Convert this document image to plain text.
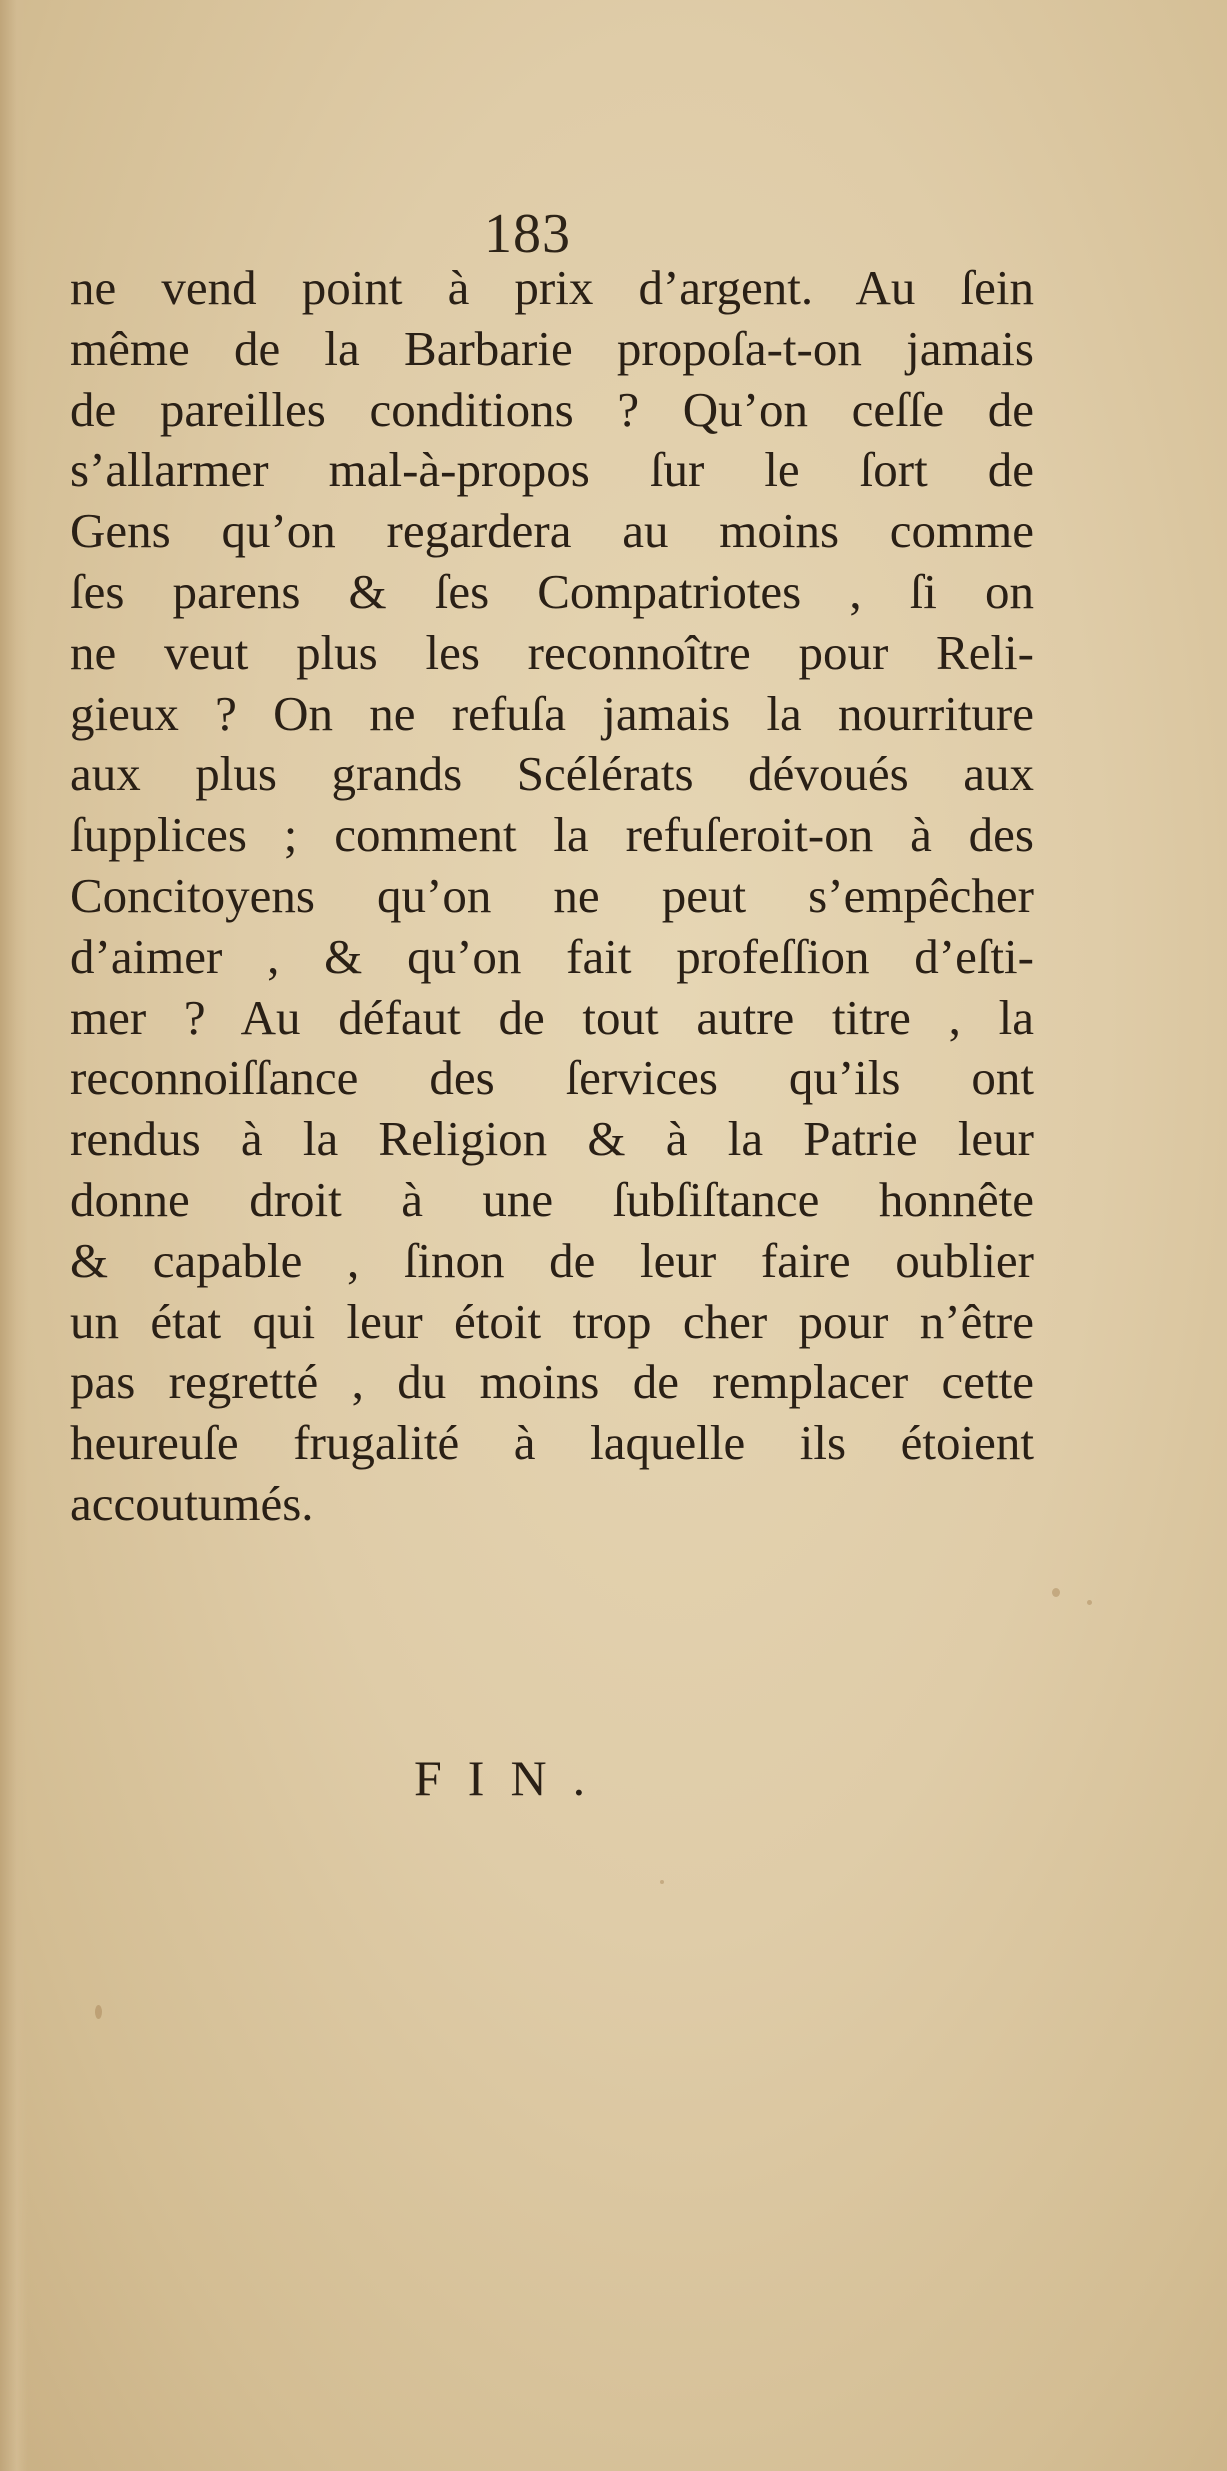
183
ne vend point à prix d’argent. Au ſein
même de la Barbarie propoſa-t-on jamais
de pareilles conditions ? Qu’on ceſſe de
s’allarmer mal-à-propos ſur le ſort de
Gens qu’on regardera au moins comme
ſes parens & ſes Compatriotes , ſi on
ne veut plus les reconnoître pour Reli-
gieux ? On ne refuſa jamais la nourriture
aux plus grands Scélérats dévoués aux
ſupplices ; comment la refuſeroit-on à des
Concitoyens qu’on ne peut s’empêcher
d’aimer , & qu’on fait profeſſion d’eſti-
mer ? Au défaut de tout autre titre , la
reconnoiſſance des ſervices qu’ils ont
rendus à la Religion & à la Patrie leur
donne droit à une ſubſiſtance honnête
& capable , ſinon de leur faire oublier
un état qui leur étoit trop cher pour n’être
pas regretté , du moins de remplacer cette
heureuſe frugalité à laquelle ils étoient
accoutumés.
FIN.
